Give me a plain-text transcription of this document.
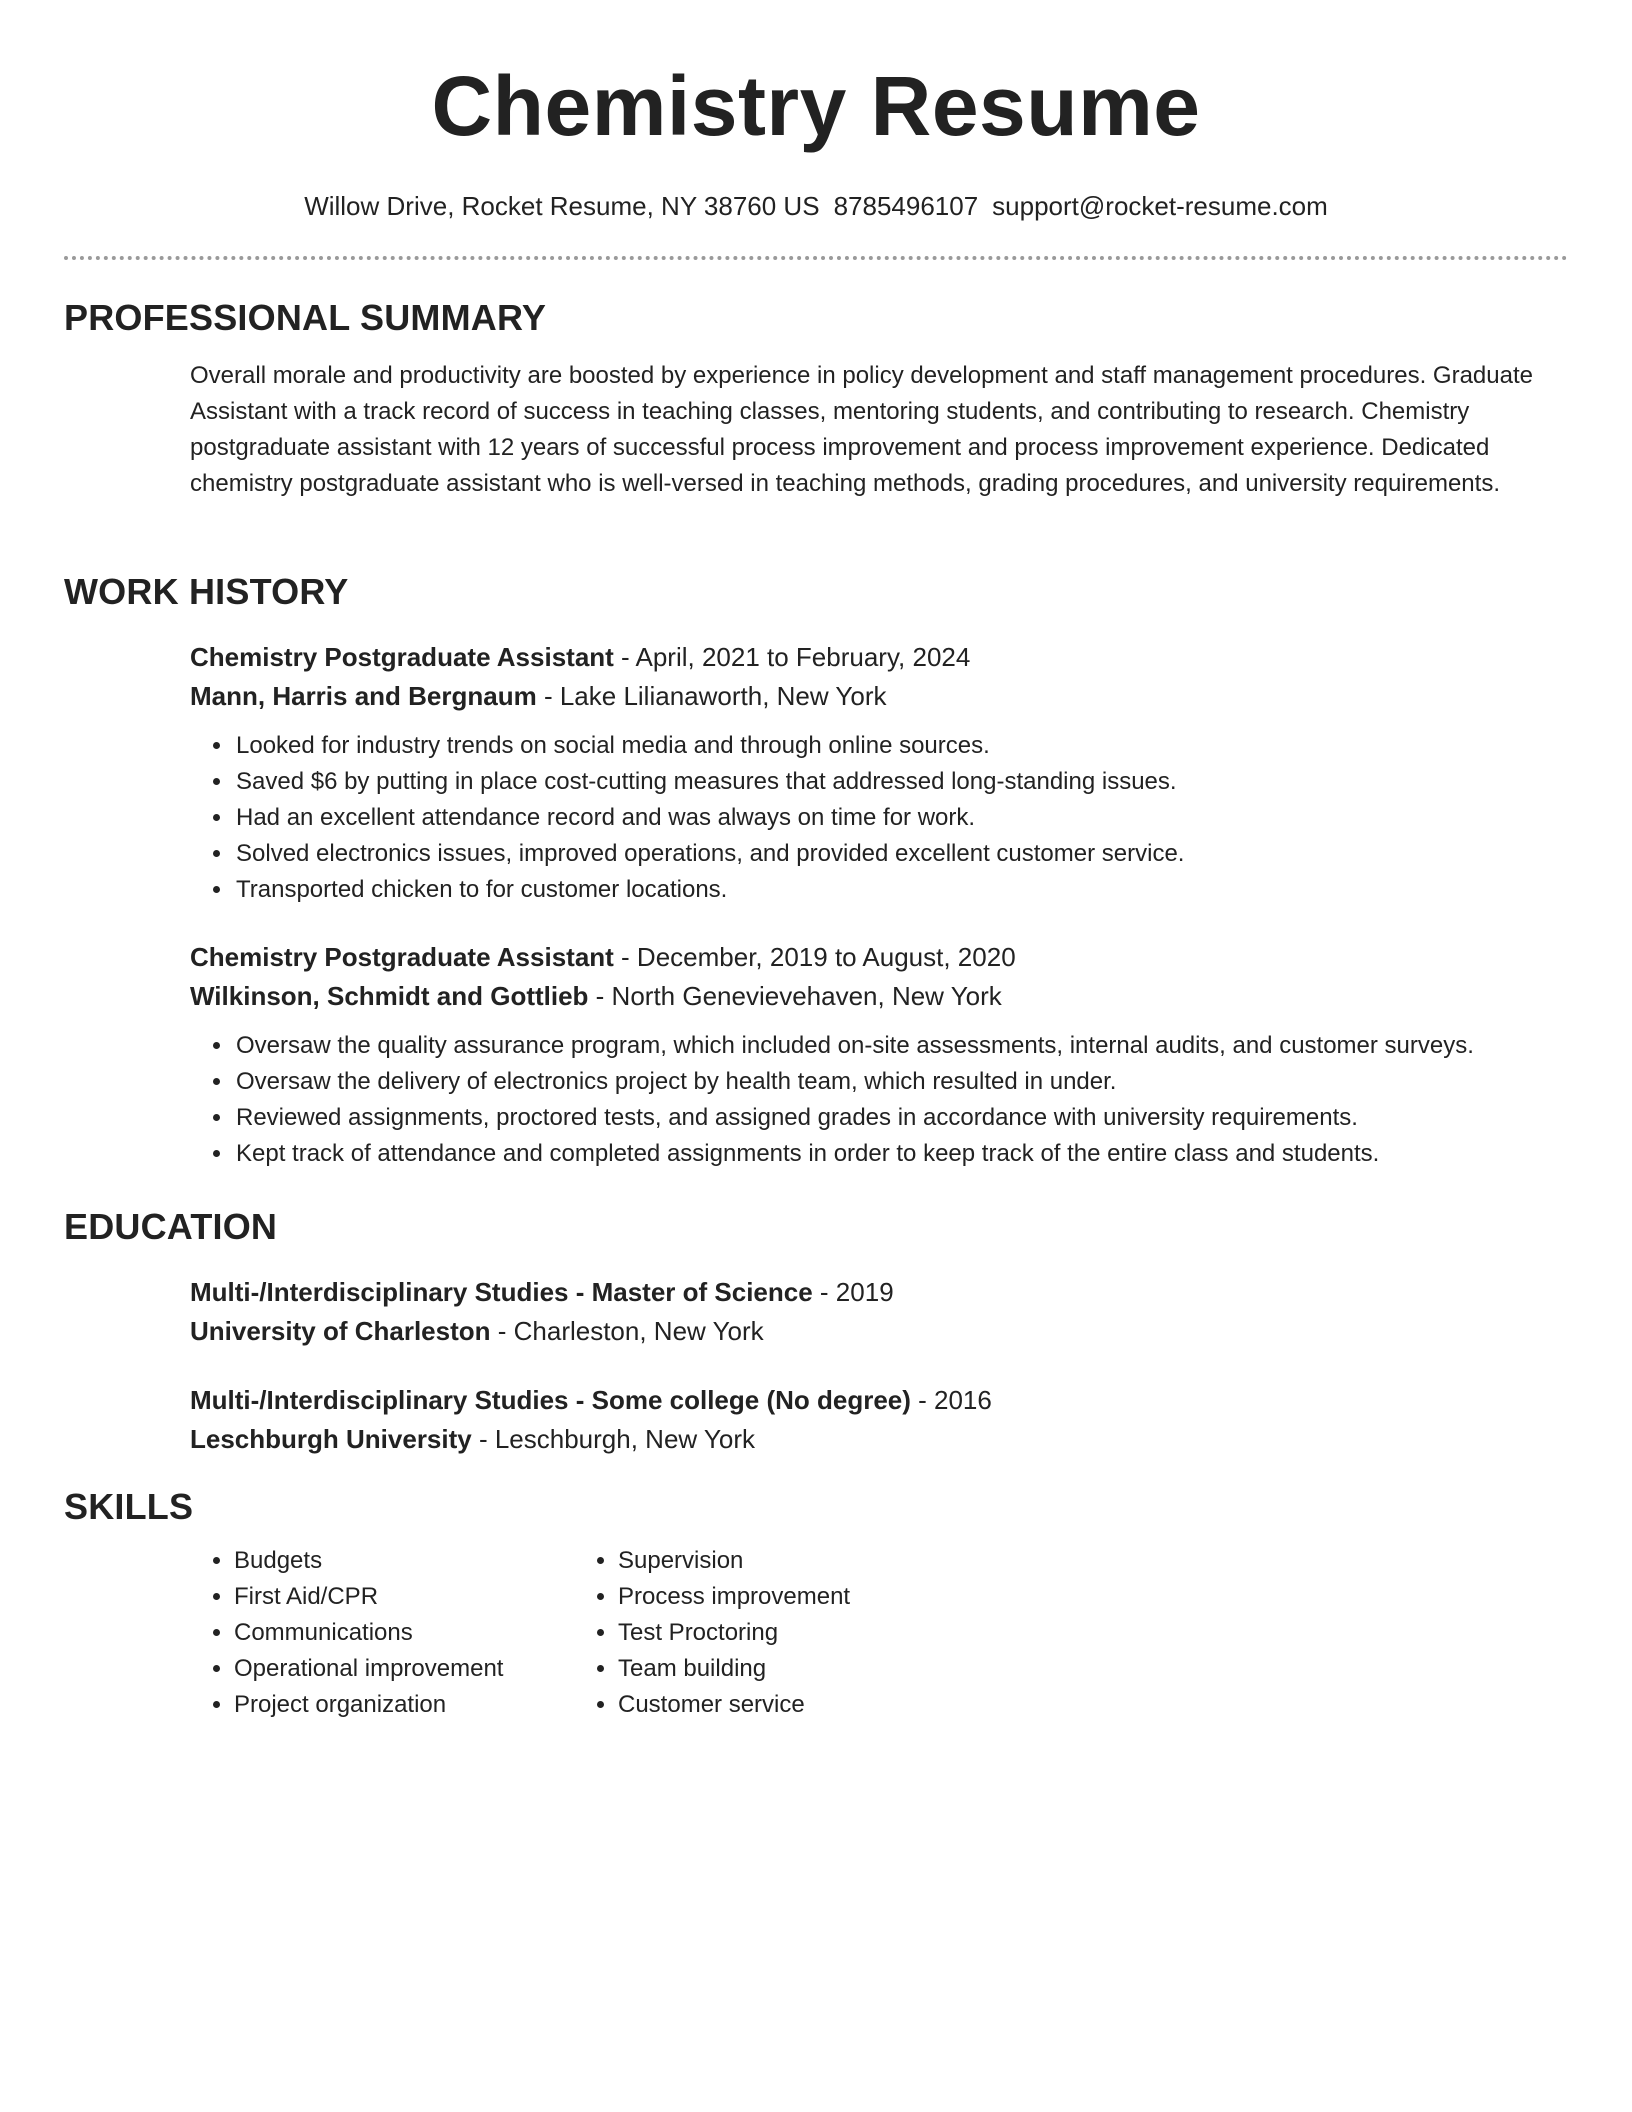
Chemistry Resume
Willow Drive, Rocket Resume, NY 38760 US 8785496107 support@rocket-resume.com
PROFESSIONAL SUMMARY
Overall morale and productivity are boosted by experience in policy development and staff management procedures. Graduate Assistant with a track record of success in teaching classes, mentoring students, and contributing to research. Chemistry postgraduate assistant with 12 years of successful process improvement and process improvement experience. Dedicated chemistry postgraduate assistant who is well-versed in teaching methods, grading procedures, and university requirements.
WORK HISTORY
Chemistry Postgraduate Assistant - April, 2021 to February, 2024
Mann, Harris and Bergnaum - Lake Lilianaworth, New York
• Looked for industry trends on social media and through online sources.
• Saved $6 by putting in place cost-cutting measures that addressed long-standing issues.
• Had an excellent attendance record and was always on time for work.
• Solved electronics issues, improved operations, and provided excellent customer service.
• Transported chicken to for customer locations.
Chemistry Postgraduate Assistant - December, 2019 to August, 2020
Wilkinson, Schmidt and Gottlieb - North Genevievehaven, New York
• Oversaw the quality assurance program, which included on-site assessments, internal audits, and customer surveys.
• Oversaw the delivery of electronics project by health team, which resulted in under.
• Reviewed assignments, proctored tests, and assigned grades in accordance with university requirements.
• Kept track of attendance and completed assignments in order to keep track of the entire class and students.
EDUCATION
Multi-/Interdisciplinary Studies - Master of Science - 2019
University of Charleston - Charleston, New York
Multi-/Interdisciplinary Studies - Some college (No degree) - 2016
Leschburgh University - Leschburgh, New York
SKILLS
• Budgets
• First Aid/CPR
• Communications
• Operational improvement
• Project organization
• Supervision
• Process improvement
• Test Proctoring
• Team building
• Customer service
